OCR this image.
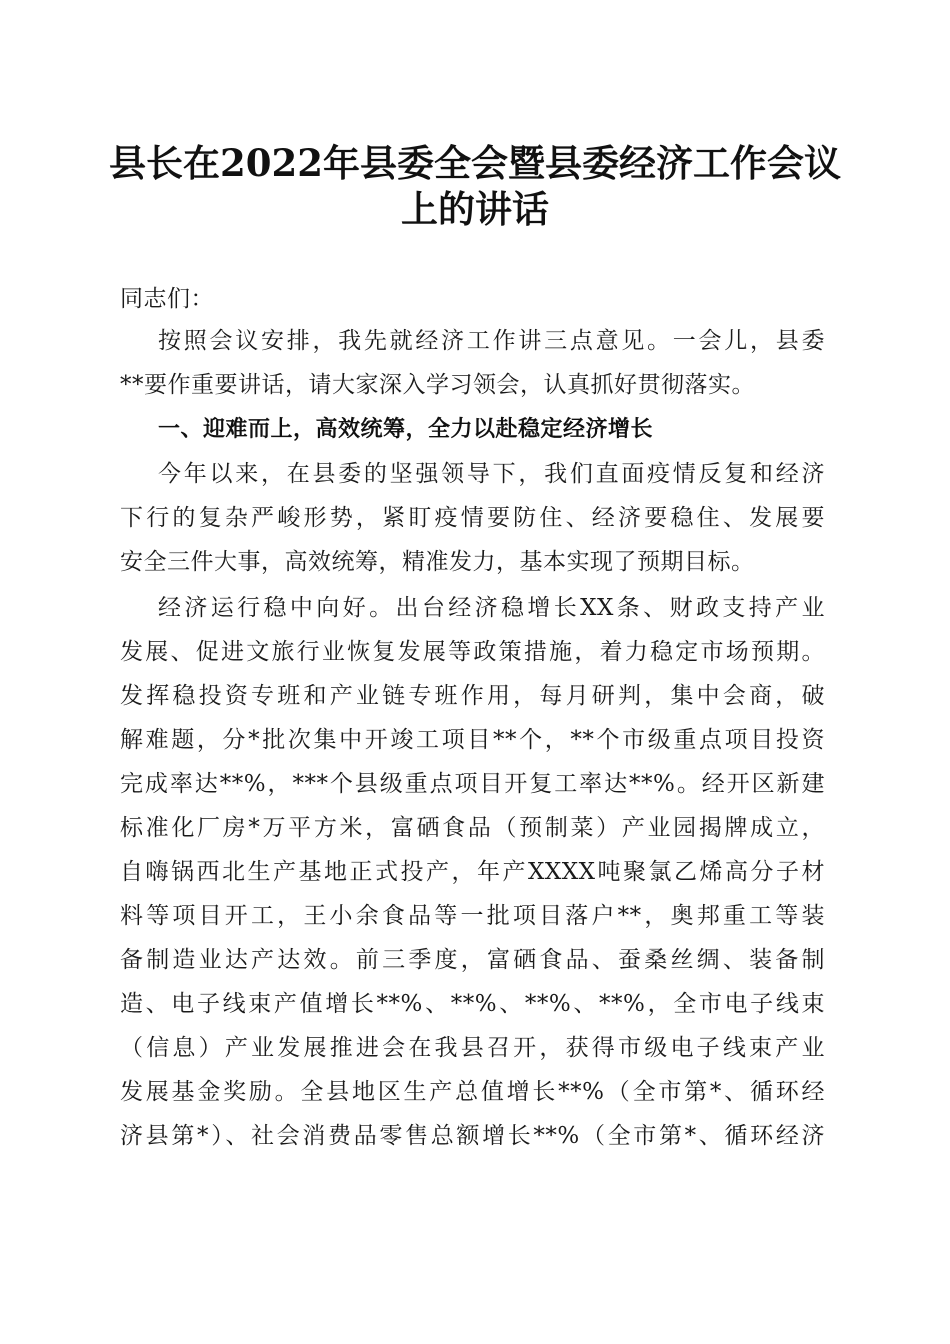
县长在2022年县委全会暨县委经济工作会议
上的讲话
同志们：
按照会议安排，我先就经济工作讲三点意见。一会儿，县委
**要作重要讲话，请大家深入学习领会，认真抓好贯彻落实。
一、迎难而上，高效统筹，全力以赴稳定经济增长
今年以来，在县委的坚强领导下，我们直面疫情反复和经济
下行的复杂严峻形势，紧盯疫情要防住、经济要稳住、发展要
安全三件大事，高效统筹，精准发力，基本实现了预期目标。
经济运行稳中向好。出台经济稳增长XX条、财政支持产业
发展、促进文旅行业恢复发展等政策措施，着力稳定市场预期。
发挥稳投资专班和产业链专班作用，每月研判，集中会商，破
解难题，分*批次集中开竣工项目**个，**个市级重点项目投资
完成率达**%，***个县级重点项目开复工率达**%。经开区新建
标准化厂房*万平方米，富硒食品（预制菜）产业园揭牌成立，
自嗨锅西北生产基地正式投产，年产XXXX吨聚氯乙烯高分子材
料等项目开工，王小余食品等一批项目落户**，奥邦重工等装
备制造业达产达效。前三季度，富硒食品、蚕桑丝绸、装备制
造、电子线束产值增长**%、**%、**%、**%，全市电子线束
（信息）产业发展推进会在我县召开，获得市级电子线束产业
发展基金奖励。全县地区生产总值增长**%（全市第*、循环经
济县第*）、社会消费品零售总额增长**%（全市第*、循环经济
